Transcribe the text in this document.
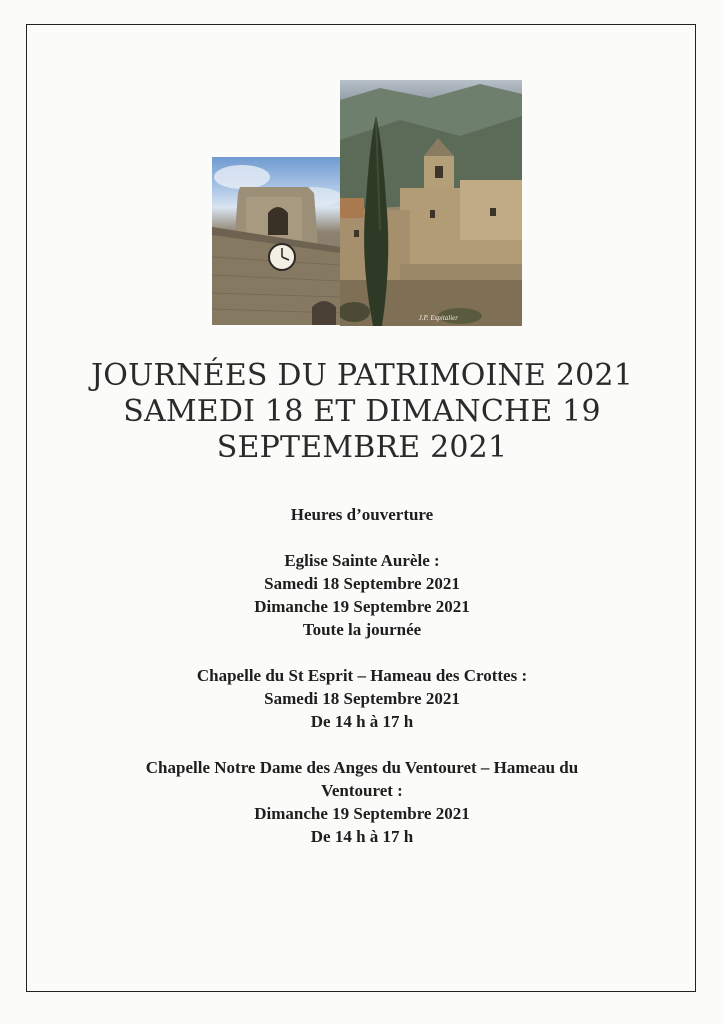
J.P. Espitalier
JOURNÉES DU PATRIMOINE 2021
SAMEDI 18 ET DIMANCHE 19
SEPTEMBRE 2021
Heures d’ouverture
Eglise Sainte Aurèle :
Samedi 18 Septembre 2021
Dimanche 19 Septembre 2021
Toute la journée
Chapelle du St Esprit – Hameau des Crottes :
Samedi 18 Septembre 2021
De 14 h à 17 h
Chapelle Notre Dame des Anges du Ventouret – Hameau du
Ventouret :
Dimanche 19 Septembre 2021
De 14 h à 17 h
